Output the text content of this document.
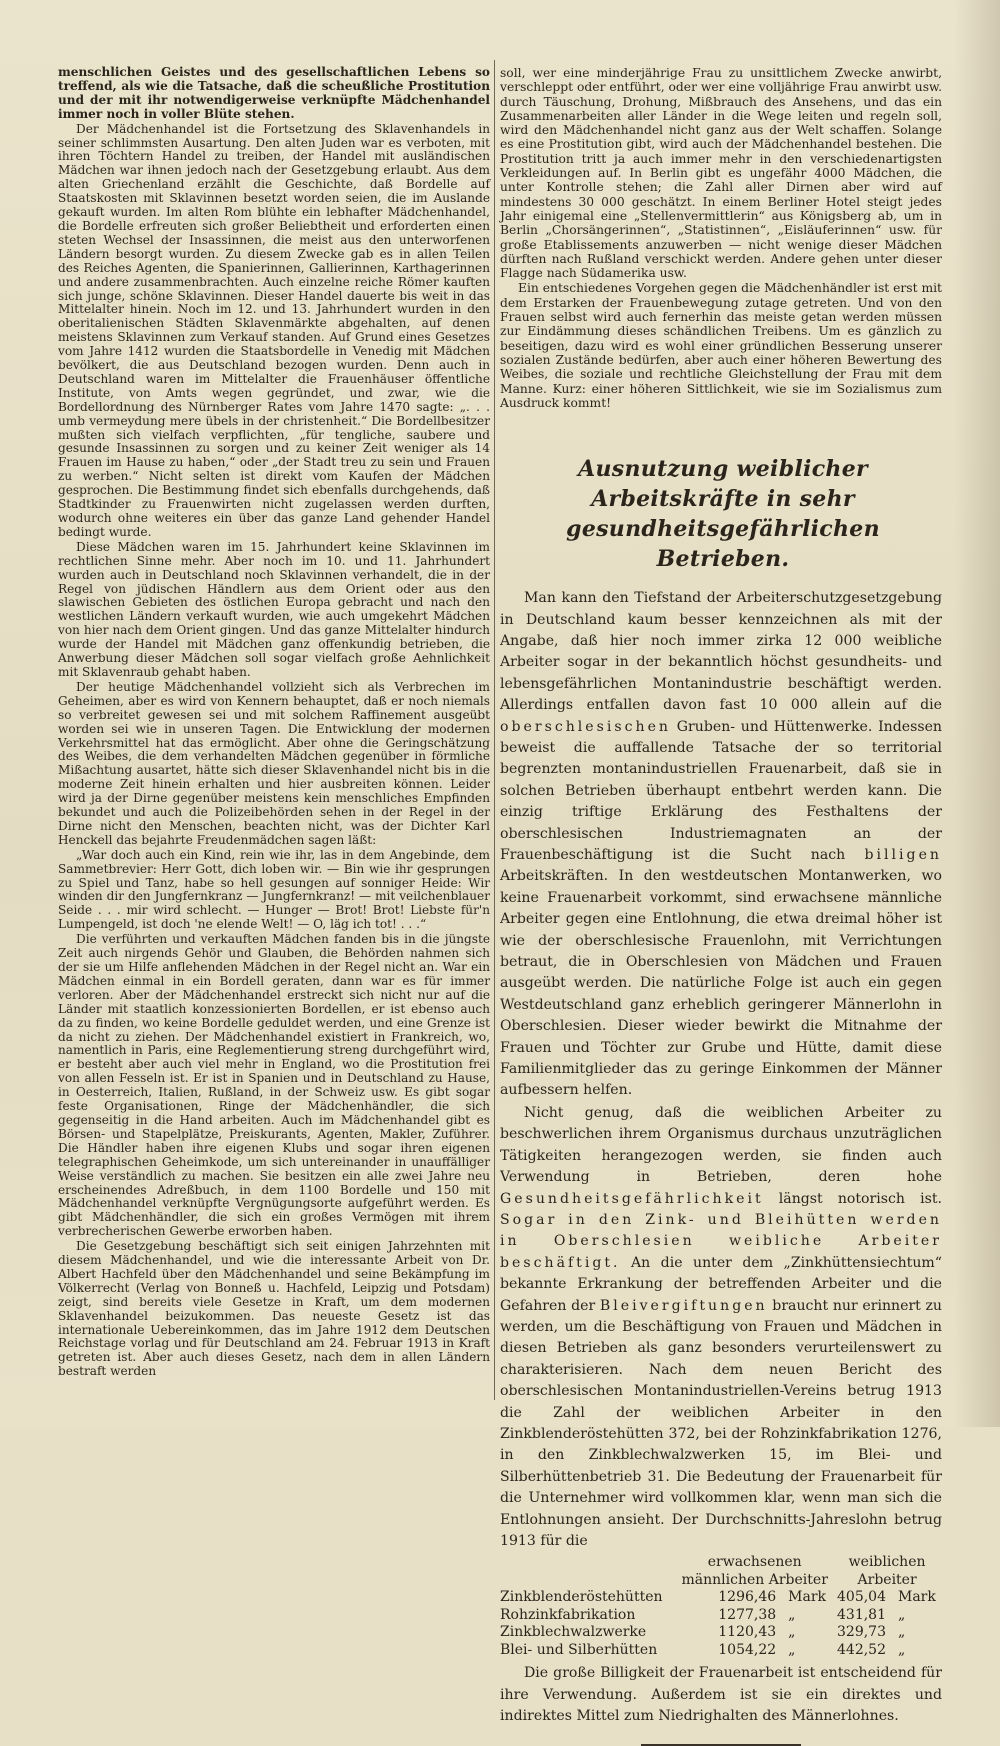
menschlichen Geistes und des gesellschaftlichen Lebens so treffend, als wie die Tatsache, daß die scheußliche Prostitution und der mit ihr notwendigerweise verknüpfte Mädchenhandel immer noch in voller Blüte stehen.

Der Mädchenhandel ist die Fortsetzung des Sklavenhandels in seiner schlimmsten Ausartung. Den alten Juden war es verboten, mit ihren Töchtern Handel zu treiben, der Handel mit ausländischen Mädchen war ihnen jedoch nach der Gesetzgebung erlaubt. Aus dem alten Griechenland erzählt die Geschichte, daß Bordelle auf Staatskosten mit Sklavinnen besetzt worden seien, die im Auslande gekauft wurden. Im alten Rom blühte ein lebhafter Mädchenhandel, die Bordelle erfreuten sich großer Beliebtheit und erforderten einen steten Wechsel der Insassinnen, die meist aus den unterworfenen Ländern besorgt wurden. Zu diesem Zwecke gab es in allen Teilen des Reiches Agenten, die Spanierinnen, Gallierinnen, Karthagerinnen und andere zusammenbrachten. Auch einzelne reiche Römer kauften sich junge, schöne Sklavinnen. Dieser Handel dauerte bis weit in das Mittelalter hinein. Noch im 12. und 13. Jahrhundert wurden in den oberitalienischen Städten Sklavenmärkte abgehalten, auf denen meistens Sklavinnen zum Verkauf standen. Auf Grund eines Gesetzes vom Jahre 1412 wurden die Staatsbordelle in Venedig mit Mädchen bevölkert, die aus Deutschland bezogen wurden. Denn auch in Deutschland waren im Mittelalter die Frauenhäuser öffentliche Institute, von Amts wegen gegründet, und zwar, wie die Bordellordnung des Nürnberger Rates vom Jahre 1470 sagte: „. . . umb vermeydung mere übels in der christenheit.“ Die Bordellbesitzer mußten sich vielfach verpflichten, „für tengliche, saubere und gesunde Insassinnen zu sorgen und zu keiner Zeit weniger als 14 Frauen im Hause zu haben,“ oder „der Stadt treu zu sein und Frauen zu werben.“ Nicht selten ist direkt vom Kaufen der Mädchen gesprochen. Die Bestimmung findet sich ebenfalls durchgehends, daß Stadtkinder zu Frauenwirten nicht zugelassen werden durften, wodurch ohne weiteres ein über das ganze Land gehender Handel bedingt wurde.

Diese Mädchen waren im 15. Jahrhundert keine Sklavinnen im rechtlichen Sinne mehr. Aber noch im 10. und 11. Jahrhundert wurden auch in Deutschland noch Sklavinnen verhandelt, die in der Regel von jüdischen Händlern aus dem Orient oder aus den slawischen Gebieten des östlichen Europa gebracht und nach den westlichen Ländern verkauft wurden, wie auch umgekehrt Mädchen von hier nach dem Orient gingen. Und das ganze Mittelalter hindurch wurde der Handel mit Mädchen ganz offenkundig betrieben, die Anwerbung dieser Mädchen soll sogar vielfach große Aehnlichkeit mit Sklavenraub gehabt haben.

Der heutige Mädchenhandel vollzieht sich als Verbrechen im Geheimen, aber es wird von Kennern behauptet, daß er noch niemals so verbreitet gewesen sei und mit solchem Raffinement ausgeübt worden sei wie in unseren Tagen. Die Entwicklung der modernen Verkehrsmittel hat das ermöglicht. Aber ohne die Geringschätzung des Weibes, die dem verhandelten Mädchen gegenüber in förmliche Mißachtung ausartet, hätte sich dieser Sklavenhandel nicht bis in die moderne Zeit hinein erhalten und hier ausbreiten können. Leider wird ja der Dirne gegenüber meistens kein menschliches Empfinden bekundet und auch die Polizeibehörden sehen in der Regel in der Dirne nicht den Menschen, beachten nicht, was der Dichter Karl Henckell das bejahrte Freudenmädchen sagen läßt:

„War doch auch ein Kind, rein wie ihr, las in dem Angebinde, dem Sammetbrevier: Herr Gott, dich loben wir. — Bin wie ihr gesprungen zu Spiel und Tanz, habe so hell gesungen auf sonniger Heide: Wir winden dir den Jungfernkranz — Jungfernkranz! — mit veilchenblauer Seide . . . mir wird schlecht. — Hunger — Brot! Brot! Liebste für'n Lumpengeld, ist doch 'ne elende Welt! — O, läg ich tot! . . .“

Die verführten und verkauften Mädchen fanden bis in die jüngste Zeit auch nirgends Gehör und Glauben, die Behörden nahmen sich der sie um Hilfe anflehenden Mädchen in der Regel nicht an. War ein Mädchen einmal in ein Bordell geraten, dann war es für immer verloren. Aber der Mädchenhandel erstreckt sich nicht nur auf die Länder mit staatlich konzessionierten Bordellen, er ist ebenso auch da zu finden, wo keine Bordelle geduldet werden, und eine Grenze ist da nicht zu ziehen. Der Mädchenhandel existiert in Frankreich, wo, namentlich in Paris, eine Reglementierung streng durchgeführt wird, er besteht aber auch viel mehr in England, wo die Prostitution frei von allen Fesseln ist. Er ist in Spanien und in Deutschland zu Hause, in Oesterreich, Italien, Rußland, in der Schweiz usw. Es gibt sogar feste Organisationen, Ringe der Mädchenhändler, die sich gegenseitig in die Hand arbeiten. Auch im Mädchenhandel gibt es Börsen- und Stapelplätze, Preiskurants, Agenten, Makler, Zuführer. Die Händler haben ihre eigenen Klubs und sogar ihren eigenen telegraphischen Geheimkode, um sich untereinander in unauffälliger Weise verständlich zu machen. Sie besitzen ein alle zwei Jahre neu erscheinendes Adreßbuch, in dem 1100 Bordelle und 150 mit Mädchenhandel verknüpfte Vergnügungsorte aufgeführt werden. Es gibt Mädchenhändler, die sich ein großes Vermögen mit ihrem verbrecherischen Gewerbe erworben haben.

Die Gesetzgebung beschäftigt sich seit einigen Jahrzehnten mit diesem Mädchenhandel, und wie die interessante Arbeit von Dr. Albert Hachfeld über den Mädchenhandel und seine Bekämpfung im Völkerrecht (Verlag von Bonneß u. Hachfeld, Leipzig und Potsdam) zeigt, sind bereits viele Gesetze in Kraft, um dem modernen Sklavenhandel beizukommen. Das neueste Gesetz ist das internationale Uebereinkommen, das im Jahre 1912 dem Deutschen Reichstage vorlag und für Deutschland am 24. Februar 1913 in Kraft getreten ist. Aber auch dieses Gesetz, nach dem in allen Ländern bestraft werden

soll, wer eine minderjährige Frau zu unsittlichem Zwecke anwirbt, verschleppt oder entführt, oder wer eine volljährige Frau anwirbt usw. durch Täuschung, Drohung, Mißbrauch des Ansehens, und das ein Zusammenarbeiten aller Länder in die Wege leiten und regeln soll, wird den Mädchenhandel nicht ganz aus der Welt schaffen. Solange es eine Prostitution gibt, wird auch der Mädchenhandel bestehen. Die Prostitution tritt ja auch immer mehr in den verschiedenartigsten Verkleidungen auf. In Berlin gibt es ungefähr 4000 Mädchen, die unter Kontrolle stehen; die Zahl aller Dirnen aber wird auf mindestens 30 000 geschätzt. In einem Berliner Hotel steigt jedes Jahr einigemal eine „Stellenvermittlerin“ aus Königsberg ab, um in Berlin „Chorsängerinnen“, „Statistinnen“, „Eisläuferinnen“ usw. für große Etablissements anzuwerben — nicht wenige dieser Mädchen dürften nach Rußland verschickt werden. Andere gehen unter dieser Flagge nach Südamerika usw.

Ein entschiedenes Vorgehen gegen die Mädchenhändler ist erst mit dem Erstarken der Frauenbewegung zutage getreten. Und von den Frauen selbst wird auch fernerhin das meiste getan werden müssen zur Eindämmung dieses schändlichen Treibens. Um es gänzlich zu beseitigen, dazu wird es wohl einer gründlichen Besserung unserer sozialen Zustände bedürfen, aber auch einer höheren Bewertung des Weibes, die soziale und rechtliche Gleichstellung der Frau mit dem Manne. Kurz: einer höheren Sittlichkeit, wie sie im Sozialismus zum Ausdruck kommt!

Ausnutzung weiblicher Arbeitskräfte in sehr
gesundheitsgefährlichen Betrieben.

Man kann den Tiefstand der Arbeiterschutzgesetzgebung in Deutschland kaum besser kennzeichnen als mit der Angabe, daß hier noch immer zirka 12 000 weibliche Arbeiter sogar in der bekanntlich höchst gesundheits- und lebensgefährlichen Montanindustrie beschäftigt werden. Allerdings entfallen davon fast 10 000 allein auf die oberschlesischen Gruben- und Hüttenwerke. Indessen beweist die auffallende Tatsache der so territorial begrenzten montanindustriellen Frauenarbeit, daß sie in solchen Betrieben überhaupt entbehrt werden kann. Die einzig triftige Erklärung des Festhaltens der oberschlesischen Industriemagnaten an der Frauenbeschäftigung ist die Sucht nach billigen Arbeitskräften. In den westdeutschen Montanwerken, wo keine Frauenarbeit vorkommt, sind erwachsene männliche Arbeiter gegen eine Entlohnung, die etwa dreimal höher ist wie der oberschlesische Frauenlohn, mit Verrichtungen betraut, die in Oberschlesien von Mädchen und Frauen ausgeübt werden. Die natürliche Folge ist auch ein gegen Westdeutschland ganz erheblich geringerer Männerlohn in Oberschlesien. Dieser wieder bewirkt die Mitnahme der Frauen und Töchter zur Grube und Hütte, damit diese Familienmitglieder das zu geringe Einkommen der Männer aufbessern helfen.

Nicht genug, daß die weiblichen Arbeiter zu beschwerlichen ihrem Organismus durchaus unzuträglichen Tätigkeiten herangezogen werden, sie finden auch Verwendung in Betrieben, deren hohe Gesundheitsgefährlichkeit längst notorisch ist. Sogar in den Zink- und Bleihütten werden in Oberschlesien weibliche Arbeiter beschäftigt. An die unter dem „Zinkhüttensiechtum“ bekannte Erkrankung der betreffenden Arbeiter und die Gefahren der Bleivergiftungen braucht nur erinnert zu werden, um die Beschäftigung von Frauen und Mädchen in diesen Betrieben als ganz besonders verurteilenswert zu charakterisieren. Nach dem neuen Bericht des oberschlesischen Montanindustriellen-Vereins betrug 1913 die Zahl der weiblichen Arbeiter in den Zinkblenderöstehütten 372, bei der Rohzinkfabrikation 1276, in den Zinkblechwalzwerken 15, im Blei- und Silberhüttenbetrieb 31. Die Bedeutung der Frauenarbeit für die Unternehmer wird vollkommen klar, wenn man sich die Entlohnungen ansieht. Der Durchschnitts-Jahreslohn betrug 1913 für die

	erwachsenen
männlichen Arbeiter		weiblichen
Arbeiter	
Zinkblenderöstehütten	1296,46	Mark	405,04	Mark
Rohzinkfabrikation	1277,38	„	431,81	„
Zinkblechwalzwerke	1120,43	„	329,73	„
Blei- und Silberhütten	1054,22	„	442,52	„

Die große Billigkeit der Frauenarbeit ist entscheidend für ihre Verwendung. Außerdem ist sie ein direktes und indirektes Mittel zum Niedrighalten des Männerlohnes.
